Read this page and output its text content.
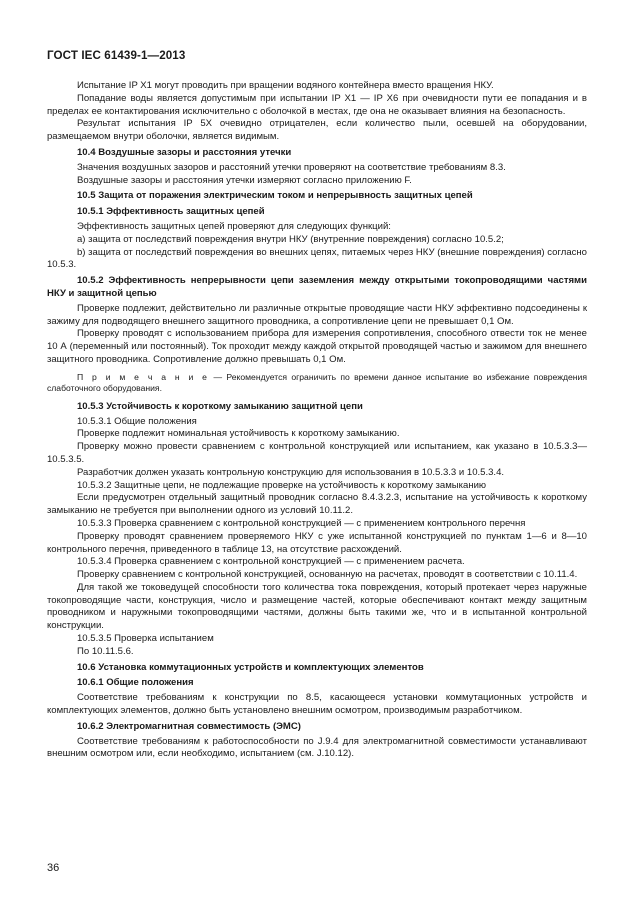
ГОСТ IEC 61439-1—2013

Испытание IP X1 могут проводить при вращении водяного контейнера вместо вращения НКУ.

Попадание воды является допустимым при испытании IP X1 — IP X6 при очевидности пути ее попадания и в пределах ее контактирования исключительно с оболочкой в местах, где она не оказывает влияния на безопасность.

Результат испытания IP 5X очевидно отрицателен, если количество пыли, осевшей на оборудовании, размещаемом внутри оболочки, является видимым.

10.4 Воздушные зазоры и расстояния утечки

Значения воздушных зазоров и расстояний утечки проверяют на соответствие требованиям 8.3.

Воздушные зазоры и расстояния утечки измеряют согласно приложению F.

10.5 Защита от поражения электрическим током и непрерывность защитных цепей

10.5.1 Эффективность защитных цепей

Эффективность защитных цепей проверяют для следующих функций:

а) защита от последствий повреждения внутри НКУ (внутренние повреждения) согласно 10.5.2;

b) защита от последствий повреждения во внешних цепях, питаемых через НКУ (внешние повреждения) согласно 10.5.3.

10.5.2 Эффективность непрерывности цепи заземления между открытыми токопроводящими частями НКУ и защитной цепью

Проверке подлежит, действительно ли различные открытые проводящие части НКУ эффективно подсоединены к зажиму для подводящего внешнего защитного проводника, а сопротивление цепи не превышает 0,1 Ом.

Проверку проводят с использованием прибора для измерения сопротивления, способного отвести ток не менее 10 А (переменный или постоянный). Ток проходит между каждой открытой проводящей частью и зажимом для внешнего защитного проводника. Сопротивление должно превышать 0,1 Ом.

П р и м е ч а н и е — Рекомендуется ограничить по времени данное испытание во избежание повреждения слаботочного оборудования.

10.5.3 Устойчивость к короткому замыканию защитной цепи

10.5.3.1 Общие положения

Проверке подлежит номинальная устойчивость к короткому замыканию.

Проверку можно провести сравнением с контрольной конструкцией или испытанием, как указано в 10.5.3.3—10.5.3.5.

Разработчик должен указать контрольную конструкцию для использования в 10.5.3.3 и 10.5.3.4.

10.5.3.2 Защитные цепи, не подлежащие проверке на устойчивость к короткому замыканию

Если предусмотрен отдельный защитный проводник согласно 8.4.3.2.3, испытание на устойчивость к короткому замыканию не требуется при выполнении одного из условий 10.11.2.

10.5.3.3 Проверка сравнением с контрольной конструкцией — с применением контрольного перечня

Проверку проводят сравнением проверяемого НКУ с уже испытанной конструкцией по пунктам 1—6 и 8—10 контрольного перечня, приведенного в таблице 13, на отсутствие расхождений.

10.5.3.4 Проверка сравнением с контрольной конструкцией — с применением расчета.

Проверку сравнением с контрольной конструкцией, основанную на расчетах, проводят в соответствии с 10.11.4.

Для такой же токоведущей способности того количества тока повреждения, который протекает через наружные токопроводящие части, конструкция, число и размещение частей, которые обеспечивают контакт между защитным проводником и наружными токопроводящими частями, должны быть такими же, что и в испытанной контрольной конструкции.

10.5.3.5 Проверка испытанием

По 10.11.5.6.

10.6 Установка коммутационных устройств и комплектующих элементов

10.6.1 Общие положения

Соответствие требованиям к конструкции по 8.5, касающееся установки коммутационных устройств и комплектующих элементов, должно быть установлено внешним осмотром, производимым разработчиком.

10.6.2 Электромагнитная совместимость (ЭМС)

Соответствие требованиям к работоспособности по J.9.4 для электромагнитной совместимости устанавливают внешним осмотром или, если необходимо, испытанием (см. J.10.12).

36
